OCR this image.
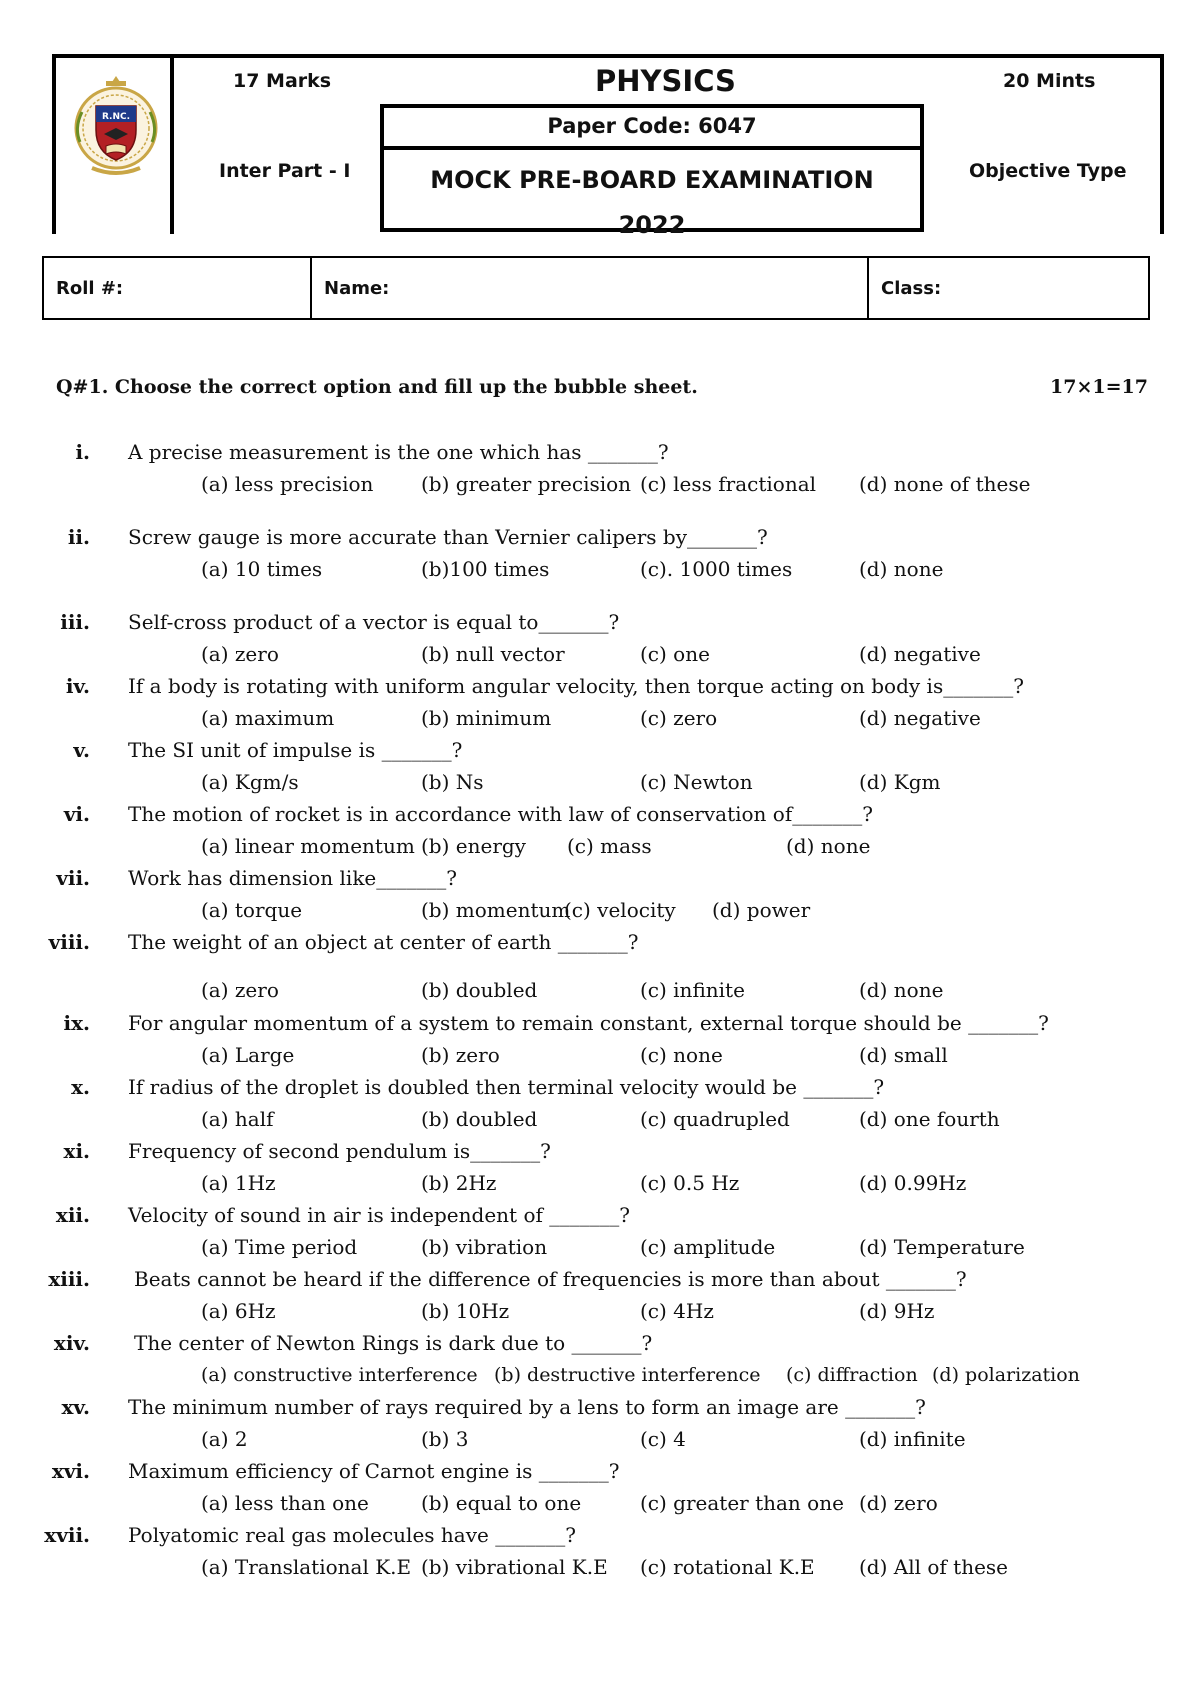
R.NC.
17 Marks
Inter Part - I
PHYSICS	20 Mints
Objective Type
Paper Code: 6047
MOCK PRE-BOARD EXAMINATION
2022
Roll #:	Name:	Class:
Q#1. Choose the correct option and fill up the bubble sheet.	17×1=17
i. A precise measurement is the one which has _______?
(a) less precision (b) greater precision (c) less fractional (d) none of these
ii. Screw gauge is more accurate than Vernier calipers by_______?
(a) 10 times	(b)100 times	(c). 1000 times	(d) none
iii. Self-cross product of a vector is equal to_______?
(a) zero	(b) null vector	(c) one	(d) negative
iv. If a body is rotating with uniform angular velocity, then torque acting on body is_______?
(a) maximum	(b) minimum	(c) zero	(d) negative
v. The SI unit of impulse is _______?
(a) Kgm/s	(b) Ns	(c) Newton	(d) Kgm
vi. The motion of rocket is in accordance with law of conservation of_______?
(a) linear momentum (b) energy (c) mass	(d) none
vii. Work has dimension like_______?
(a) torque	(b) momentum
(c) velocity (d) power
viii. The weight of an object at center of earth _______?
(a) zero	(b) doubled	(c) infinite	(d) none
ix. For angular momentum of a system to remain constant, external torque should be _______?
(a) Large	(b) zero	(c) none	(d) small
x. If radius of the droplet is doubled then terminal velocity would be _______?
(a) half	(b) doubled	(c) quadrupled	(d) one fourth
xi. Frequency of second pendulum is_______?
(a) 1Hz	(b) 2Hz	(c) 0.5 Hz	(d) 0.99Hz
xii. Velocity of sound in air is independent of _______?
(a) Time period	(b) vibration	(c) amplitude	(d) Temperature
xiii. Beats cannot be heard if the difference of frequencies is more than about _______?
(a) 6Hz	(b) 10Hz	(c) 4Hz	(d) 9Hz
xiv. The center of Newton Rings is dark due to _______?
(a) constructive interference (b) destructive interference (c) diffraction (d) polarization
xv. The minimum number of rays required by a lens to form an image are _______?
(a) 2	(b) 3	(c) 4	(d) infinite
xvi. Maximum efficiency of Carnot engine is _______?
(a) less than one	(b) equal to one	(c) greater than one (d) zero
xvii. Polyatomic real gas molecules have _______?
(a) Translational K.E (b) vibrational K.E (c) rotational K.E (d) All of these
